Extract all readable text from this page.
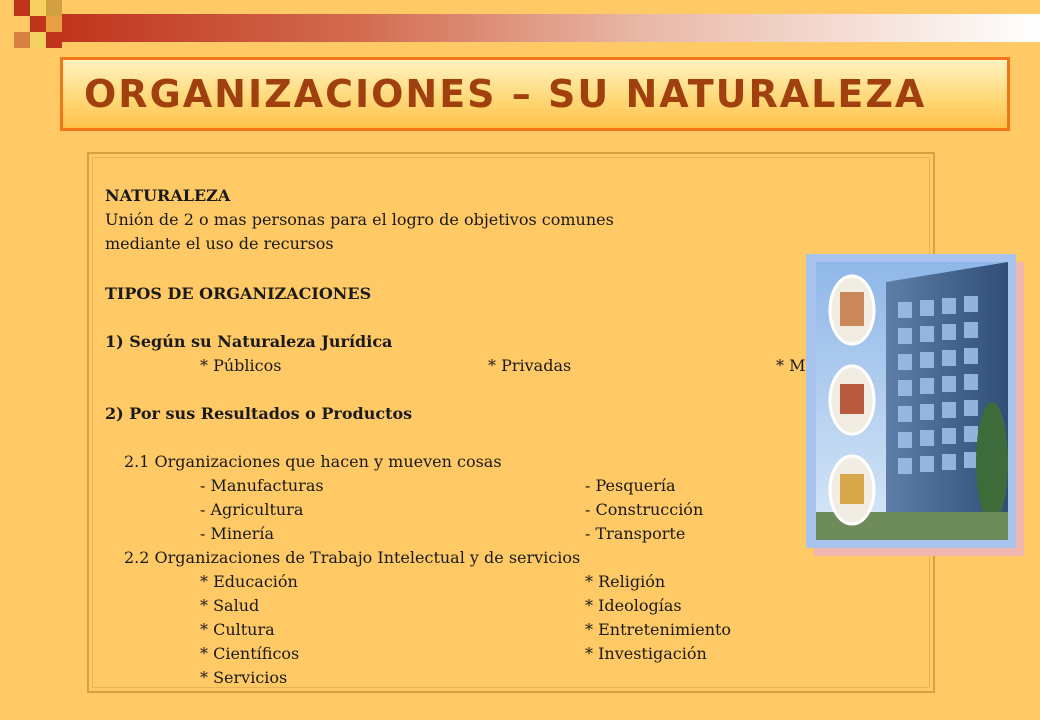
ORGANIZACIONES – SU NATURALEZA
NATURALEZA
Unión de 2 o mas personas para el logro de objetivos comunes
mediante el uso de recursos
TIPOS DE ORGANIZACIONES
1) Según su Naturaleza Jurídica
* Públicos	* Privadas	* M
2) Por sus Resultados o Productos
2.1 Organizaciones que hacen y mueven cosas
- Manufacturas
- Agricultura
- Minería
- Pesquería
- Construcción
- Transporte
2.2 Organizaciones de Trabajo Intelectual y de servicios
* Educación
* Salud
* Cultura
* Científicos
* Servicios
* Religión
* Ideologías
* Entretenimiento
* Investigación
